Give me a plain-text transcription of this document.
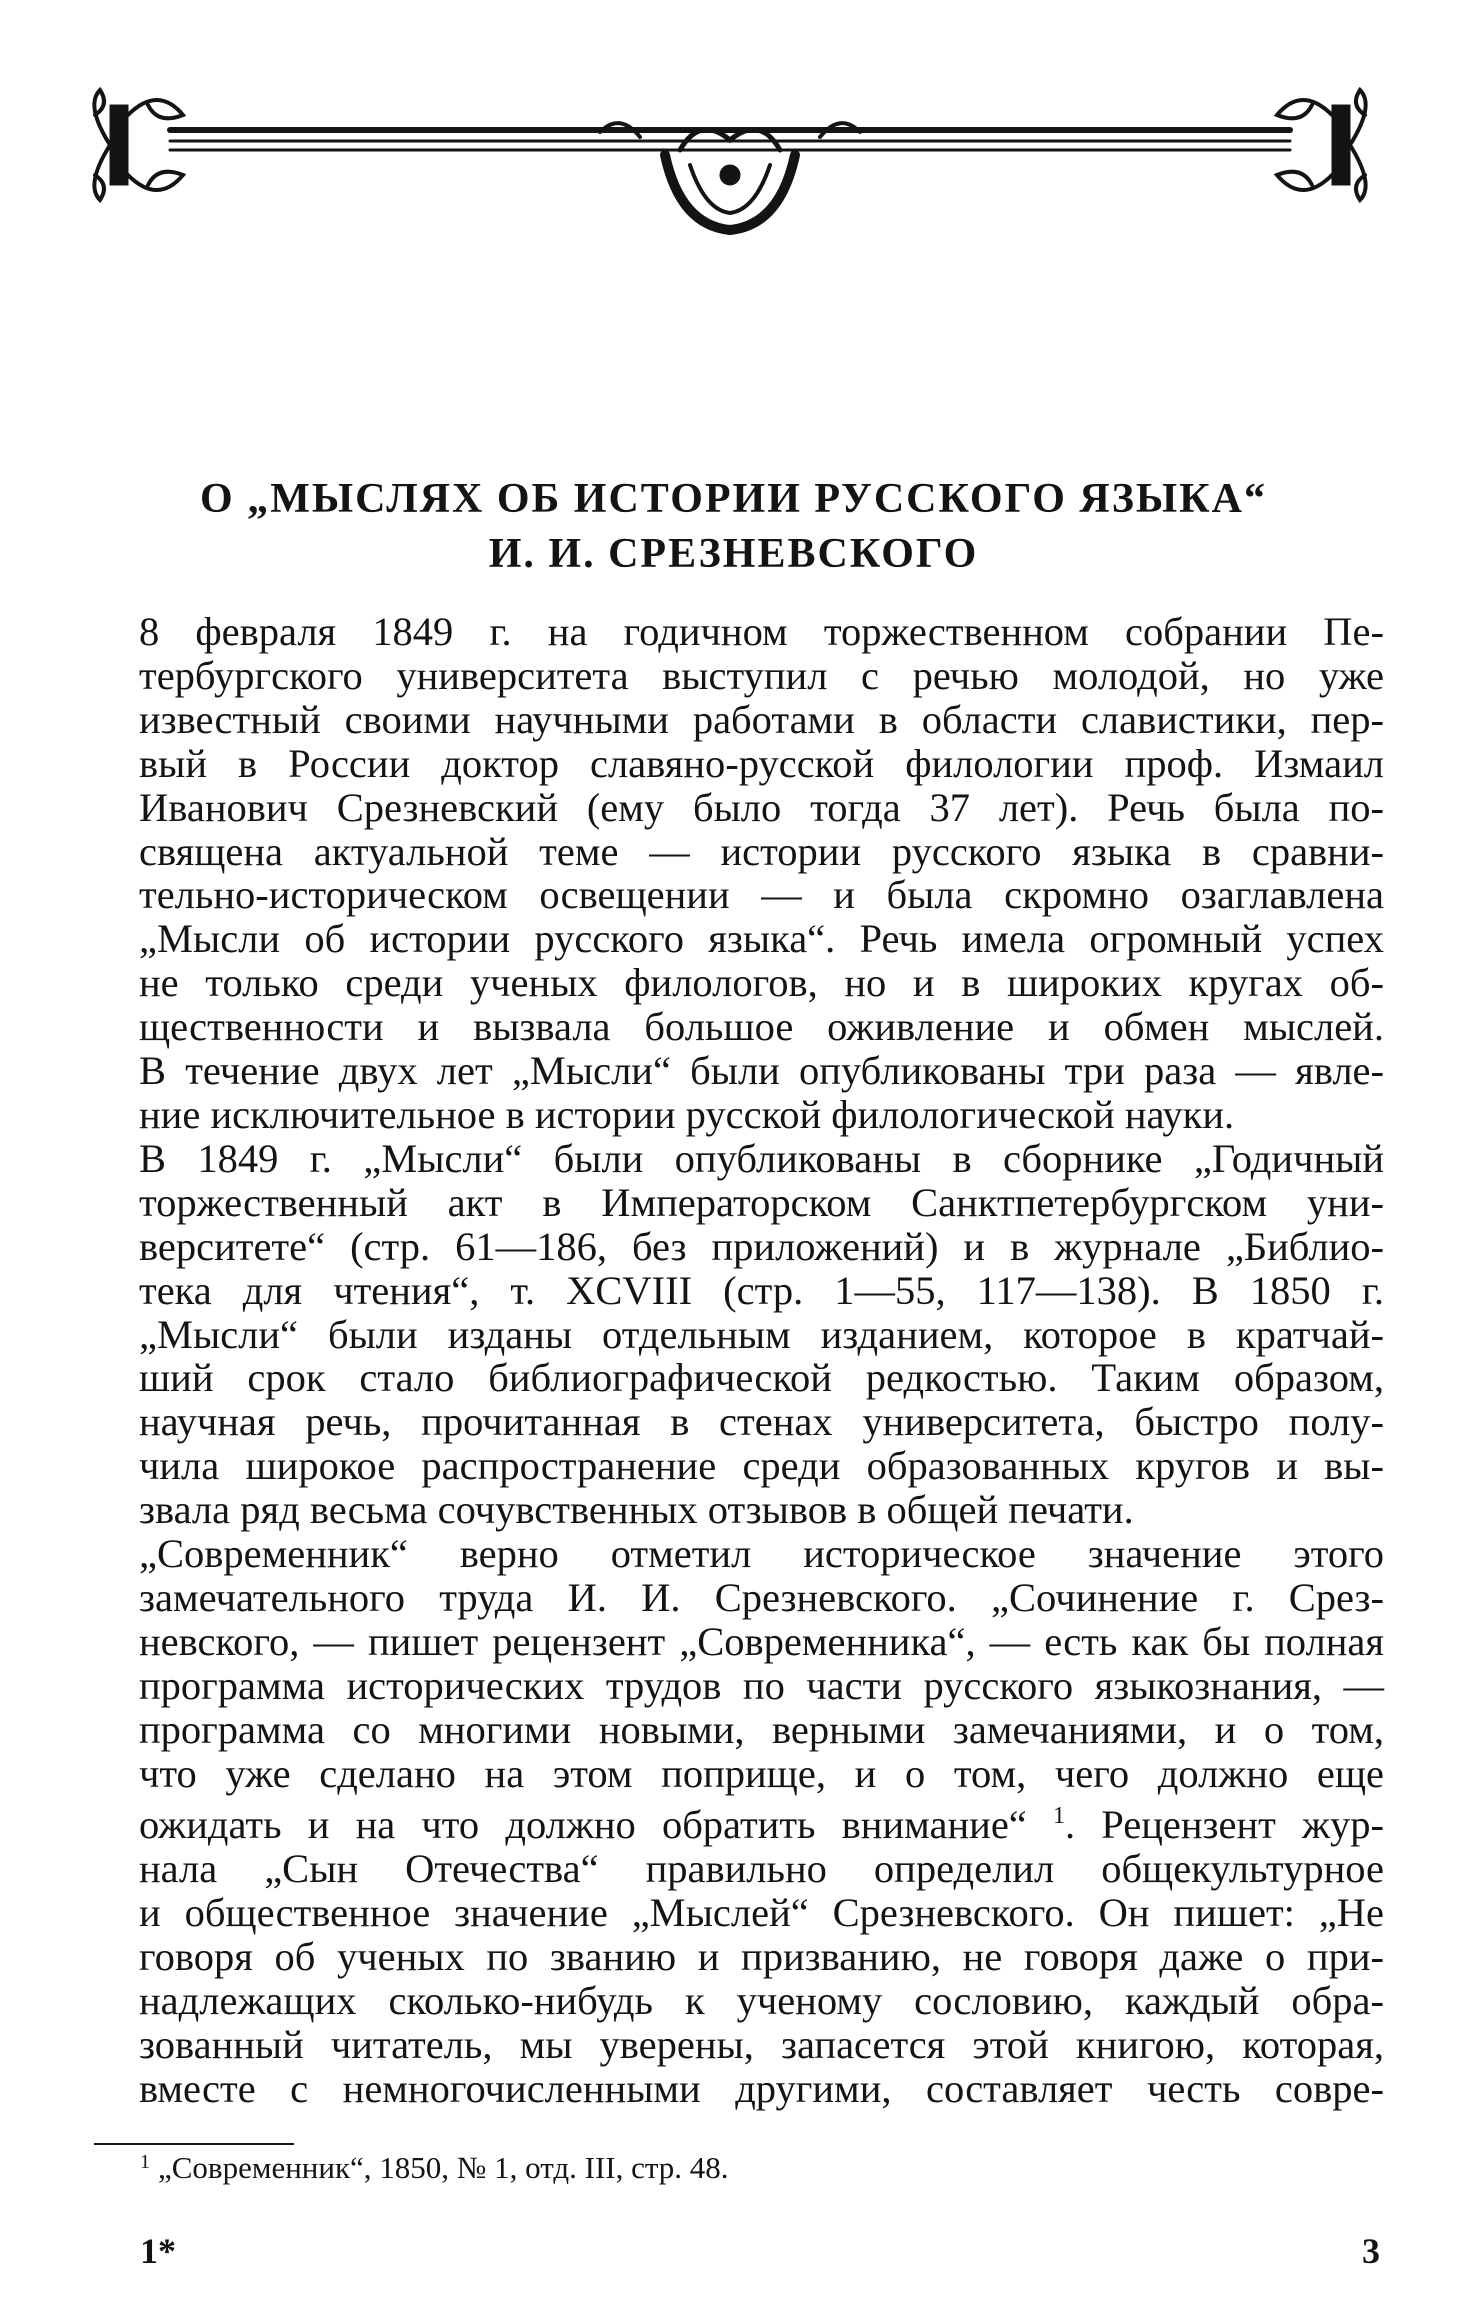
О „МЫСЛЯХ ОБ ИСТОРИИ РУССКОГО ЯЗЫКА“
И. И. СРЕЗНЕВСКОГО

8 февраля 1849 г. на годичном торжественном собрании Пе-
тербургского университета выступил с речью молодой, но уже
известный своими научными работами в области славистики, пер-
вый в России доктор славяно-русской филологии проф. Измаил
Иванович Срезневский (ему было тогда 37 лет). Речь была по-
священа актуальной теме — истории русского языка в сравни-
тельно-историческом освещении — и была скромно озаглавлена
„Мысли об истории русского языка“. Речь имела огромный успех
не только среди ученых филологов, но и в широких кругах об-
щественности и вызвала большое оживление и обмен мыслей.
В течение двух лет „Мысли“ были опубликованы три раза — явле-
ние исключительное в истории русской филологической науки.

В 1849 г. „Мысли“ были опубликованы в сборнике „Годичный
торжественный акт в Императорском Санктпетербургском уни-
верситете“ (стр. 61—186, без приложений) и в журнале „Библио-
тека для чтения“, т. XCVIII (стр. 1—55, 117—138). В 1850 г.
„Мысли“ были изданы отдельным изданием, которое в кратчай-
ший срок стало библиографической редкостью. Таким образом,
научная речь, прочитанная в стенах университета, быстро полу-
чила широкое распространение среди образованных кругов и вы-
звала ряд весьма сочувственных отзывов в общей печати.

„Современник“ верно отметил историческое значение этого
замечательного труда И. И. Срезневского. „Сочинение г. Срез-
невского, — пишет рецензент „Современника“, — есть как бы полная
программа исторических трудов по части русского языкознания, —
программа со многими новыми, верными замечаниями, и о том,
что уже сделано на этом поприще, и о том, чего должно еще
ожидать и на что должно обратить внимание“ $^1$. Рецензент жур-
нала „Сын Отечества“ правильно определил общекультурное
и общественное значение „Мыслей“ Срезневского. Он пишет: „Не
говоря об ученых по званию и призванию, не говоря даже о при-
надлежащих сколько-нибудь к ученому сословию, каждый обра-
зованный читатель, мы уверены, запасется этой книгою, которая,
вместе с немногочисленными другими, составляет честь совре-

$^1$ „Современник“, 1850, № 1, отд. III, стр. 48.
1*	3
